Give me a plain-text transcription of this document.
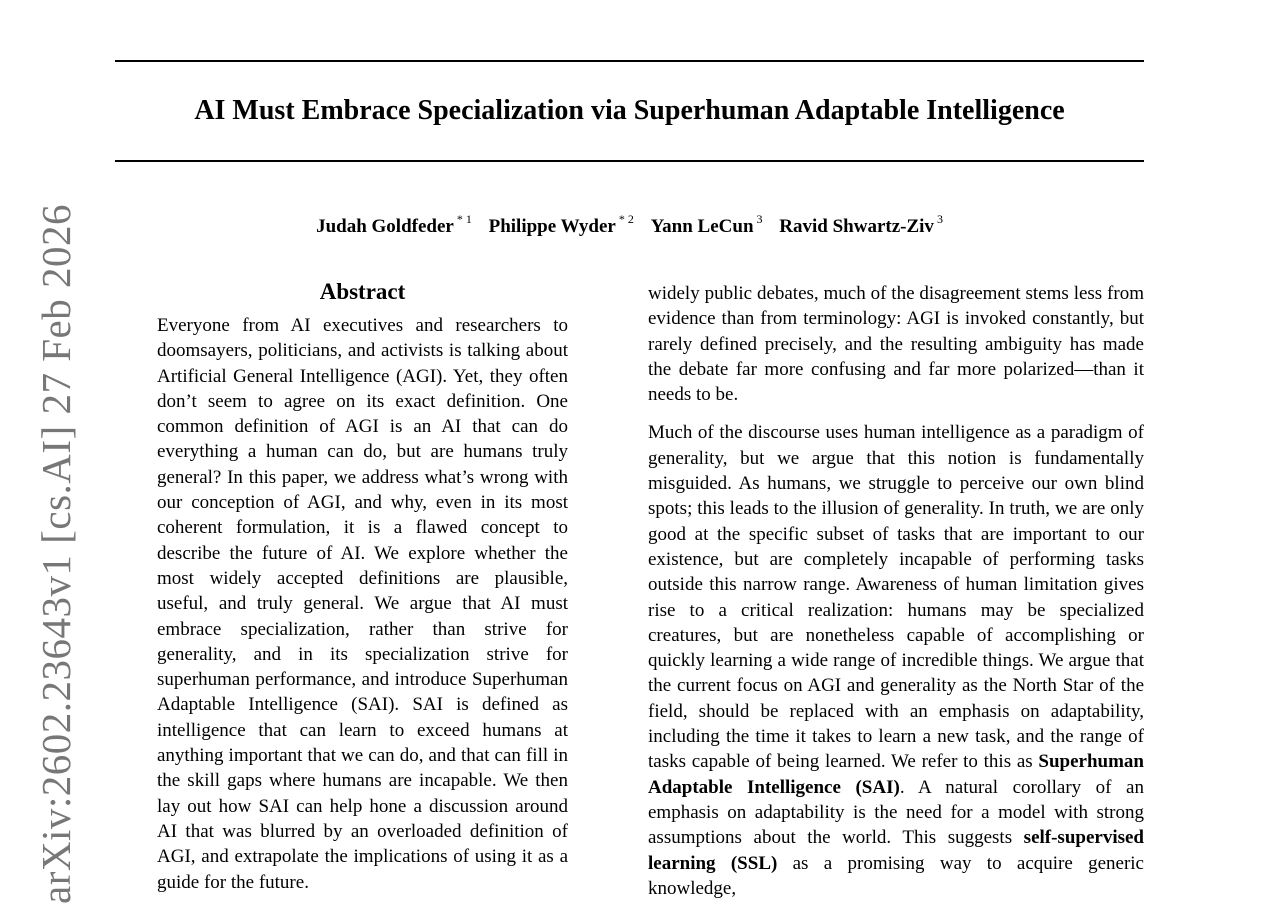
arXiv:2602.23643v1 [cs.AI] 27 Feb 2026
AI Must Embrace Specialization via Superhuman Adaptable Intelligence
Judah Goldfeder $^{* 1}$ Philippe Wyder $^{* 2}$ Yann LeCun $^3$ Ravid Shwartz-Ziv $^3$
Abstract

Everyone from AI executives and researchers to doomsayers, politicians, and activists is talking about Artificial General Intelligence (AGI). Yet, they often don’t seem to agree on its exact definition. One common definition of AGI is an AI that can do everything a human can do, but are humans truly general? In this paper, we address what’s wrong with our conception of AGI, and why, even in its most coherent formulation, it is a flawed concept to describe the future of AI. We explore whether the most widely accepted definitions are plausible, useful, and truly general. We argue that AI must embrace specialization, rather than strive for generality, and in its specialization strive for superhuman performance, and introduce Superhuman Adaptable Intelligence (SAI). SAI is defined as intelligence that can learn to exceed humans at anything important that we can do, and that can fill in the skill gaps where humans are incapable. We then lay out how SAI can help hone a discussion around AI that was blurred by an overloaded definition of AGI, and extrapolate the implications of using it as a guide for the future.

widely public debates, much of the disagreement stems less from evidence than from terminology: AGI is invoked constantly, but rarely defined precisely, and the resulting ambiguity has made the debate far more confusing and far more polarized—than it needs to be.

Much of the discourse uses human intelligence as a paradigm of generality, but we argue that this notion is fundamentally misguided. As humans, we struggle to perceive our own blind spots; this leads to the illusion of generality. In truth, we are only good at the specific subset of tasks that are important to our existence, but are completely incapable of performing tasks outside this narrow range. Awareness of human limitation gives rise to a critical realization: humans may be specialized creatures, but are nonetheless capable of accomplishing or quickly learning a wide range of incredible things. We argue that the current focus on AGI and generality as the North Star of the field, should be replaced with an emphasis on adaptability, including the time it takes to learn a new task, and the range of tasks capable of being learned. We refer to this as Superhuman Adaptable Intelligence (SAI). A natural corollary of an emphasis on adaptability is the need for a model with strong assumptions about the world. This suggests self-supervised learning (SSL) as a promising way to acquire generic knowledge,
